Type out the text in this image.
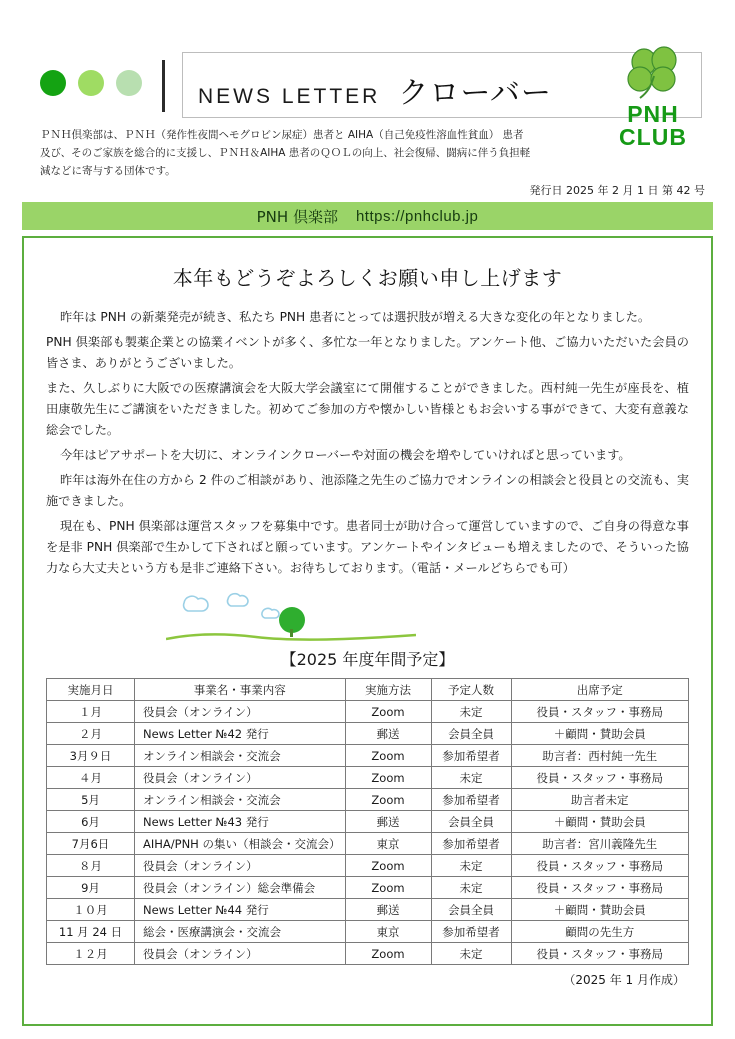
NEWS LETTER クローバー
PNH
CLUB
ＰＮＨ倶楽部は、ＰＮＨ（発作性夜間ヘモグロビン尿症）患者と AIHA（自己免疫性溶血性貧血） 患者
及び、そのご家族を総合的に支援し、ＰＮＨ＆AIHA 患者のＱＯＬの向上、社会復帰、闘病に伴う負担軽
減などに寄与する団体です。
発行日 2025 年 2 月 1 日 第 42 号
PNH 倶楽部 https://pnhclub.jp
本年もどうぞよろしくお願い申し上げます

昨年は PNH の新薬発売が続き、私たち PNH 患者にとっては選択肢が増える大きな変化の年となりました。

PNH 倶楽部も製薬企業との協業イベントが多く、多忙な一年となりました。アンケート他、ご協力いただいた会員の皆さま、ありがとうございました。

また、久しぶりに大阪での医療講演会を大阪大学会議室にて開催することができました。西村純一先生が座長を、植田康敬先生にご講演をいただきました。初めてご参加の方や懐かしい皆様ともお会いする事ができて、大変有意義な総会でした。

今年はピアサポートを大切に、オンラインクローバーや対面の機会を増やしていければと思っています。

昨年は海外在住の方から 2 件のご相談があり、池添隆之先生のご協力でオンラインの相談会と役員との交流も、実施できました。

現在も、PNH 倶楽部は運営スタッフを募集中です。患者同士が助け合って運営していますので、ご自身の得意な事を是非 PNH 倶楽部で生かして下さればと願っています。アンケートやインタビューも増えましたので、そういった協力なら大丈夫という方も是非ご連絡下さい。お待ちしております。（電話・メールどちらでも可）

【2025 年度年間予定】
実施月日	事業名・事業内容	実施方法	予定人数	出席予定
１月	役員会（オンライン）	Zoom	未定	役員・スタッフ・事務局
２月	News Letter №42 発行	郵送	会員全員	＋顧問・賛助会員
3月９日	オンライン相談会・交流会	Zoom	参加希望者	助言者：西村純一先生
４月	役員会（オンライン）	Zoom	未定	役員・スタッフ・事務局
5月	オンライン相談会・交流会	Zoom	参加希望者	助言者未定
6月	News Letter №43 発行	郵送	会員全員	＋顧問・賛助会員
7月6日	AIHA/PNH の集い（相談会・交流会）	東京	参加希望者	助言者：宮川義隆先生
８月	役員会（オンライン）	Zoom	未定	役員・スタッフ・事務局
9月	役員会（オンライン）総会準備会	Zoom	未定	役員・スタッフ・事務局
１０月	News Letter №44 発行	郵送	会員全員	＋顧問・賛助会員
11 月 24 日	総会・医療講演会・交流会	東京	参加希望者	顧問の先生方
１２月	役員会（オンライン）	Zoom	未定	役員・スタッフ・事務局
（2025 年 1 月作成）
